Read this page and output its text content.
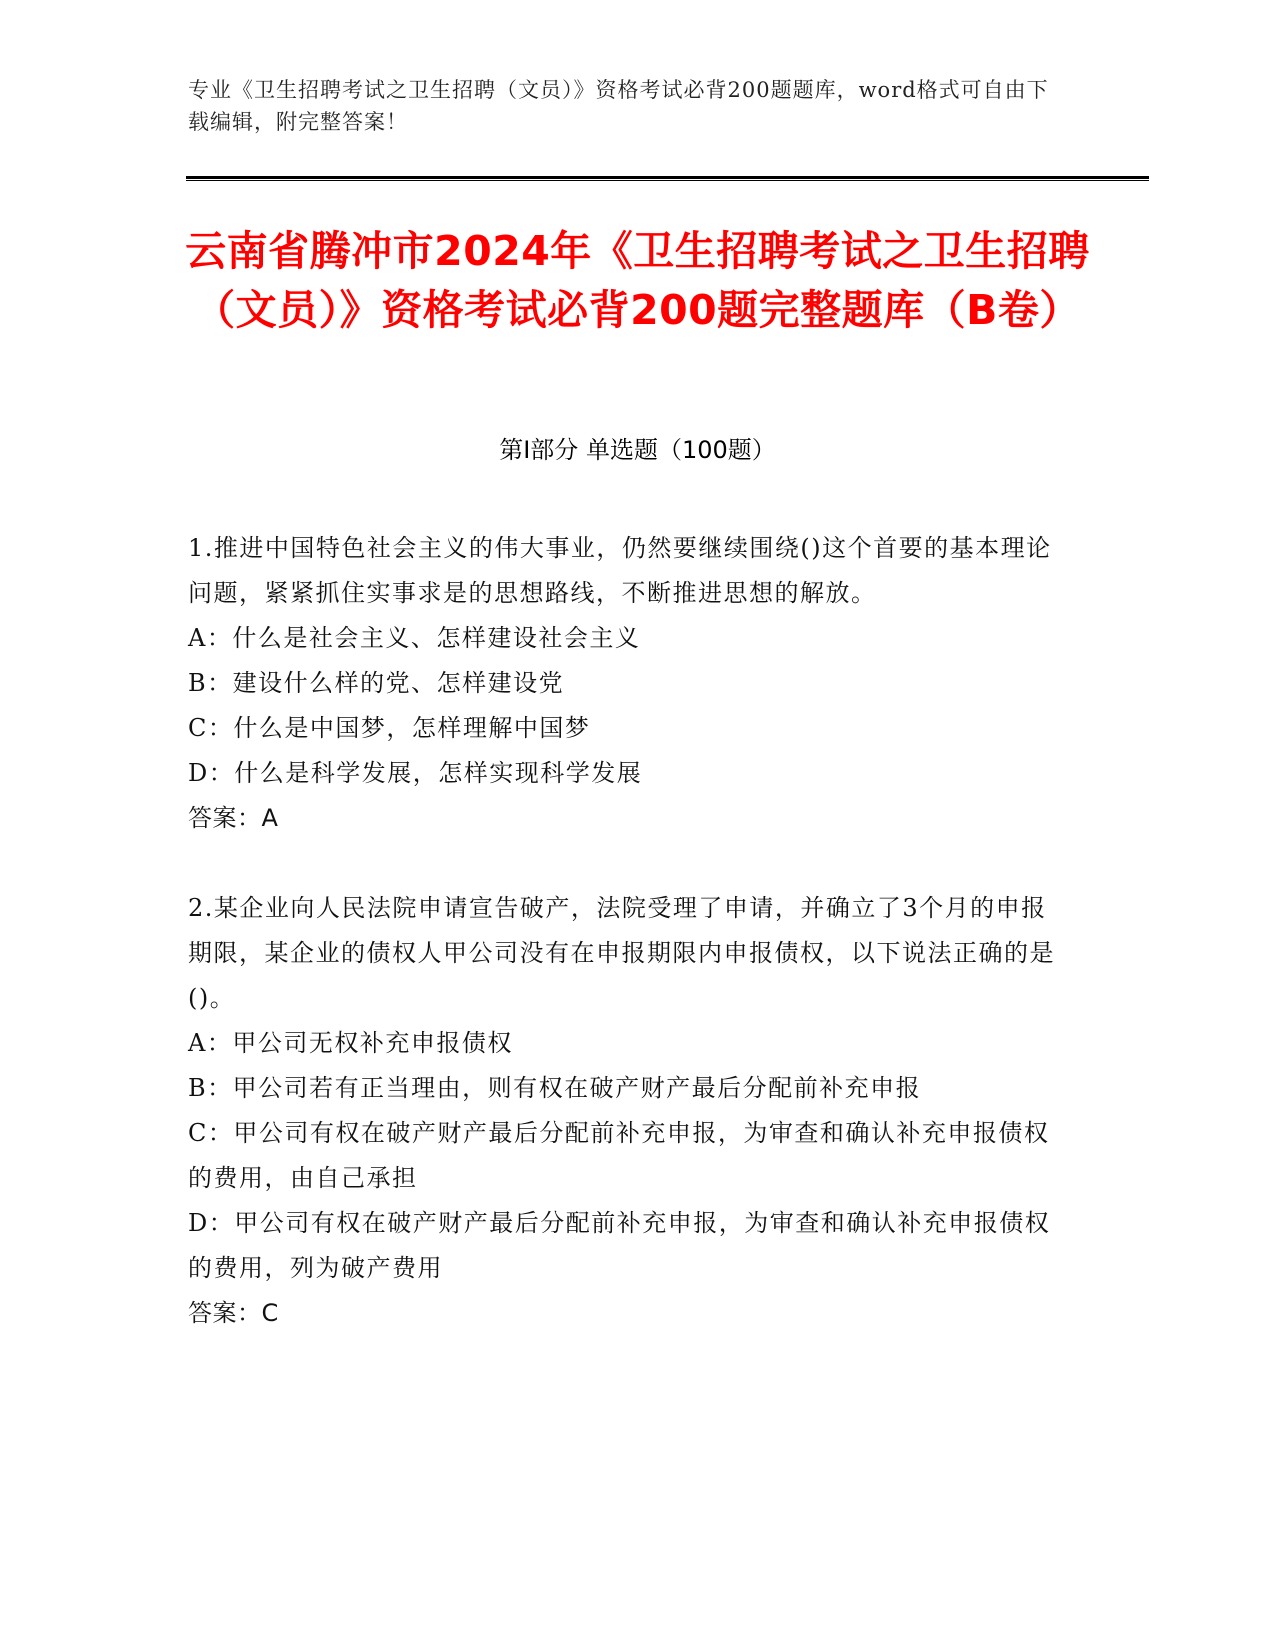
专业《卫生招聘考试之卫生招聘（文员）》资格考试必背200题题库，word格式可自由下载编辑，附完整答案！
云南省腾冲市2024年《卫生招聘考试之卫生招聘（文员）》资格考试必背200题完整题库（B卷）
第I部分 单选题（100题）

1.推进中国特色社会主义的伟大事业，仍然要继续围绕()这个首要的基本理论问题，紧紧抓住实事求是的思想路线，不断推进思想的解放。

A：什么是社会主义、怎样建设社会主义

B：建设什么样的党、怎样建设党

C：什么是中国梦，怎样理解中国梦

D：什么是科学发展，怎样实现科学发展

答案：A

2.某企业向人民法院申请宣告破产，法院受理了申请，并确立了3个月的申报期限，某企业的债权人甲公司没有在申报期限内申报债权，以下说法正确的是()。

A：甲公司无权补充申报债权

B：甲公司若有正当理由，则有权在破产财产最后分配前补充申报

C：甲公司有权在破产财产最后分配前补充申报，为审查和确认补充申报债权的费用，由自己承担

D：甲公司有权在破产财产最后分配前补充申报，为审查和确认补充申报债权的费用，列为破产费用

答案：C
